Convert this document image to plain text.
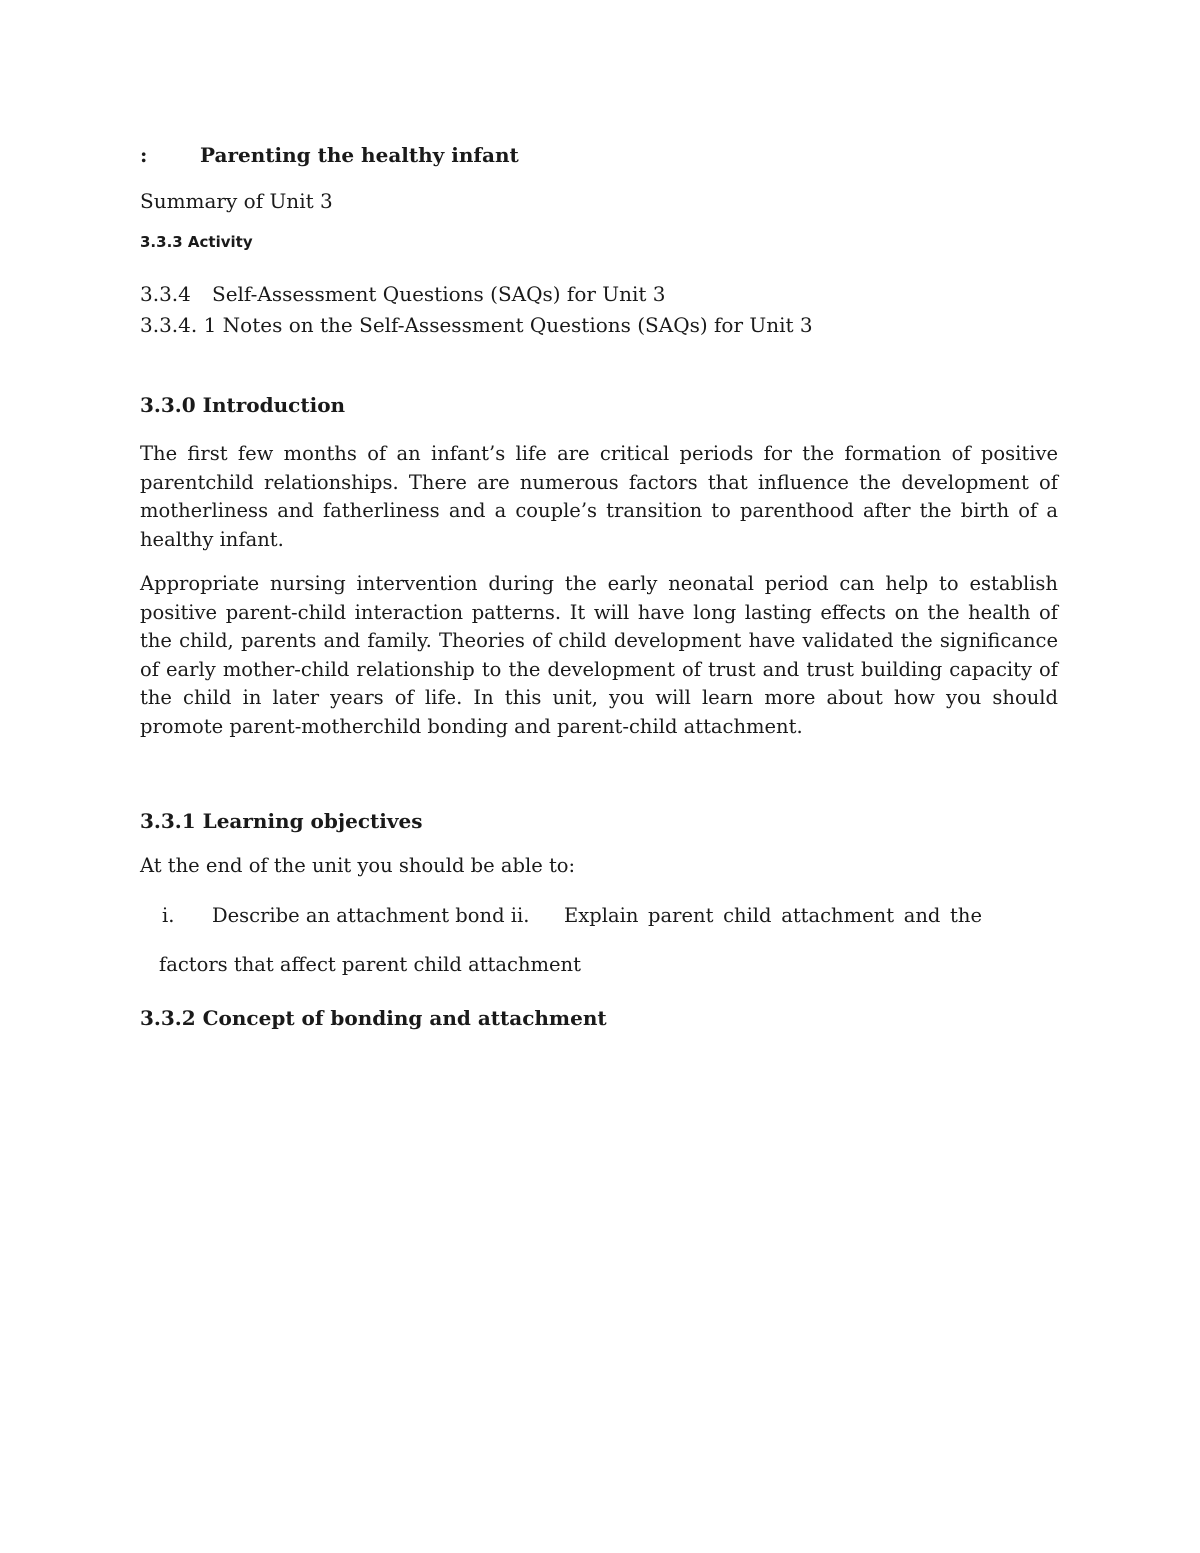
:	Parenting the healthy infant
Summary of Unit 3
3.3.3 Activity
3.3.4 Self-Assessment Questions (SAQs) for Unit 3
3.3.4. 1 Notes on the Self-Assessment Questions (SAQs) for Unit 3
3.3.0 Introduction

The first few months of an infant’s life are critical periods for the formation of positive parentchild relationships. There are numerous factors that influence the development of motherliness and fatherliness and a couple’s transition to parenthood after the birth of a healthy infant.

Appropriate nursing intervention during the early neonatal period can help to establish positive parent-child interaction patterns. It will have long lasting effects on the health of the child, parents and family. Theories of child development have validated the significance of early mother-child relationship to the development of trust and trust building capacity of the child in later years of life. In this unit, you will learn more about how you should promote parent-motherchild bonding and parent-child attachment.

3.3.1 Learning objectives
At the end of the unit you should be able to:
i. Describe an attachment bond ii. Explain parent child attachment and the
factors that affect parent child attachment
3.3.2 Concept of bonding and attachment
